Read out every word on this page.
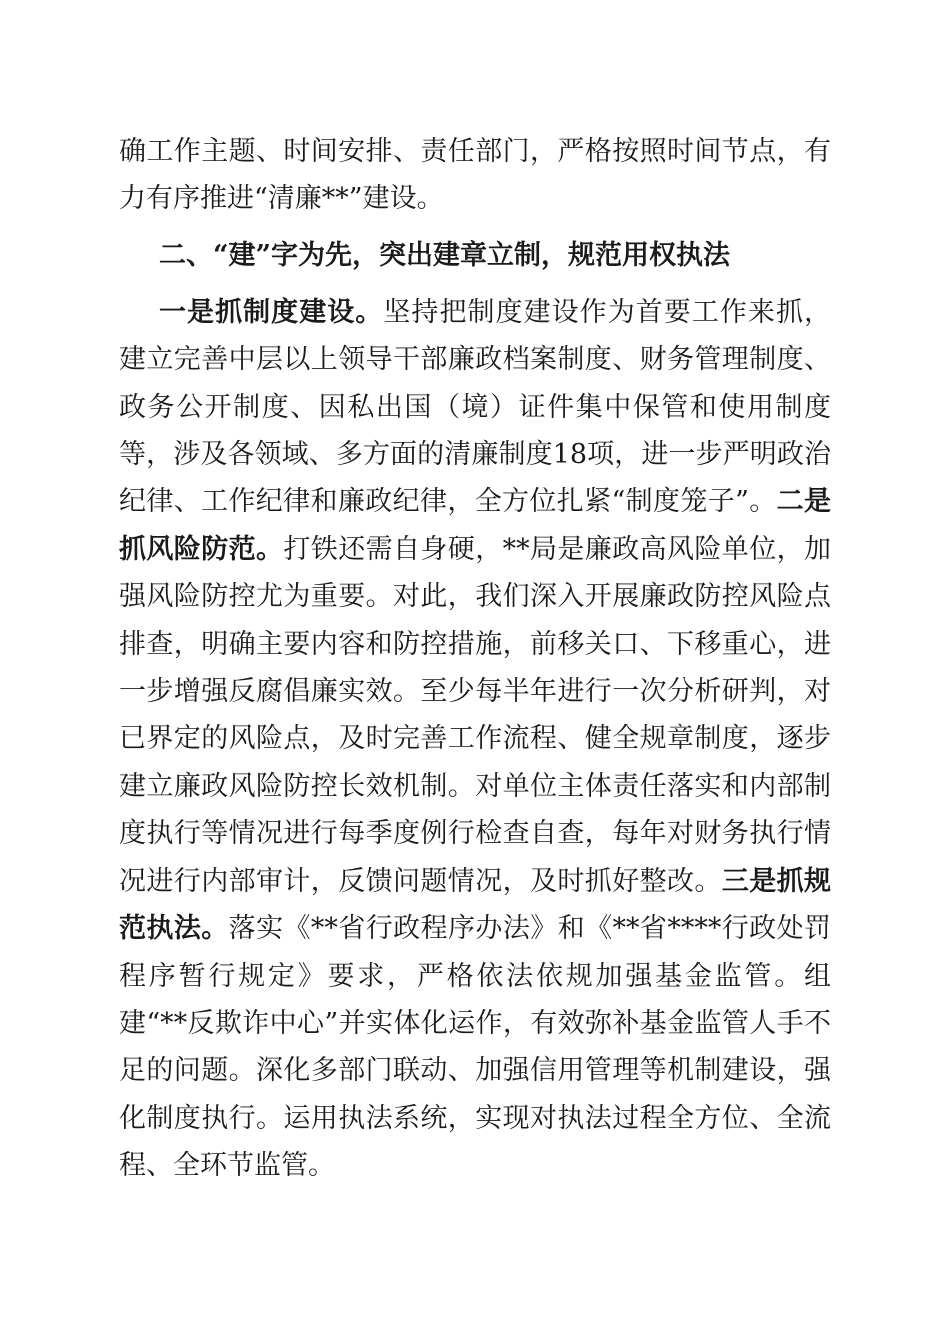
确工作主题、时间安排、责任部门，严格按照时间节点，有力有序推进“清廉**”建设。

二、“建”字为先，突出建章立制，规范用权执法

一是抓制度建设。坚持把制度建设作为首要工作来抓，建立完善中层以上领导干部廉政档案制度、财务管理制度、政务公开制度、因私出国（境）证件集中保管和使用制度等，涉及各领域、多方面的清廉制度18项，进一步严明政治纪律、工作纪律和廉政纪律，全方位扎紧“制度笼子”。二是抓风险防范。打铁还需自身硬，**局是廉政高风险单位，加强风险防控尤为重要。对此，我们深入开展廉政防控风险点排查，明确主要内容和防控措施，前移关口、下移重心，进一步增强反腐倡廉实效。至少每半年进行一次分析研判，对已界定的风险点，及时完善工作流程、健全规章制度，逐步建立廉政风险防控长效机制。对单位主体责任落实和内部制度执行等情况进行每季度例行检查自查，每年对财务执行情况进行内部审计，反馈问题情况，及时抓好整改。三是抓规范执法。落实《**省行政程序办法》和《**省****行政处罚程序暂行规定》要求，严格依法依规加强基金监管。组建“**反欺诈中心”并实体化运作，有效弥补基金监管人手不足的问题。深化多部门联动、加强信用管理等机制建设，强化制度执行。运用执法系统，实现对执法过程全方位、全流程、全环节监管。
